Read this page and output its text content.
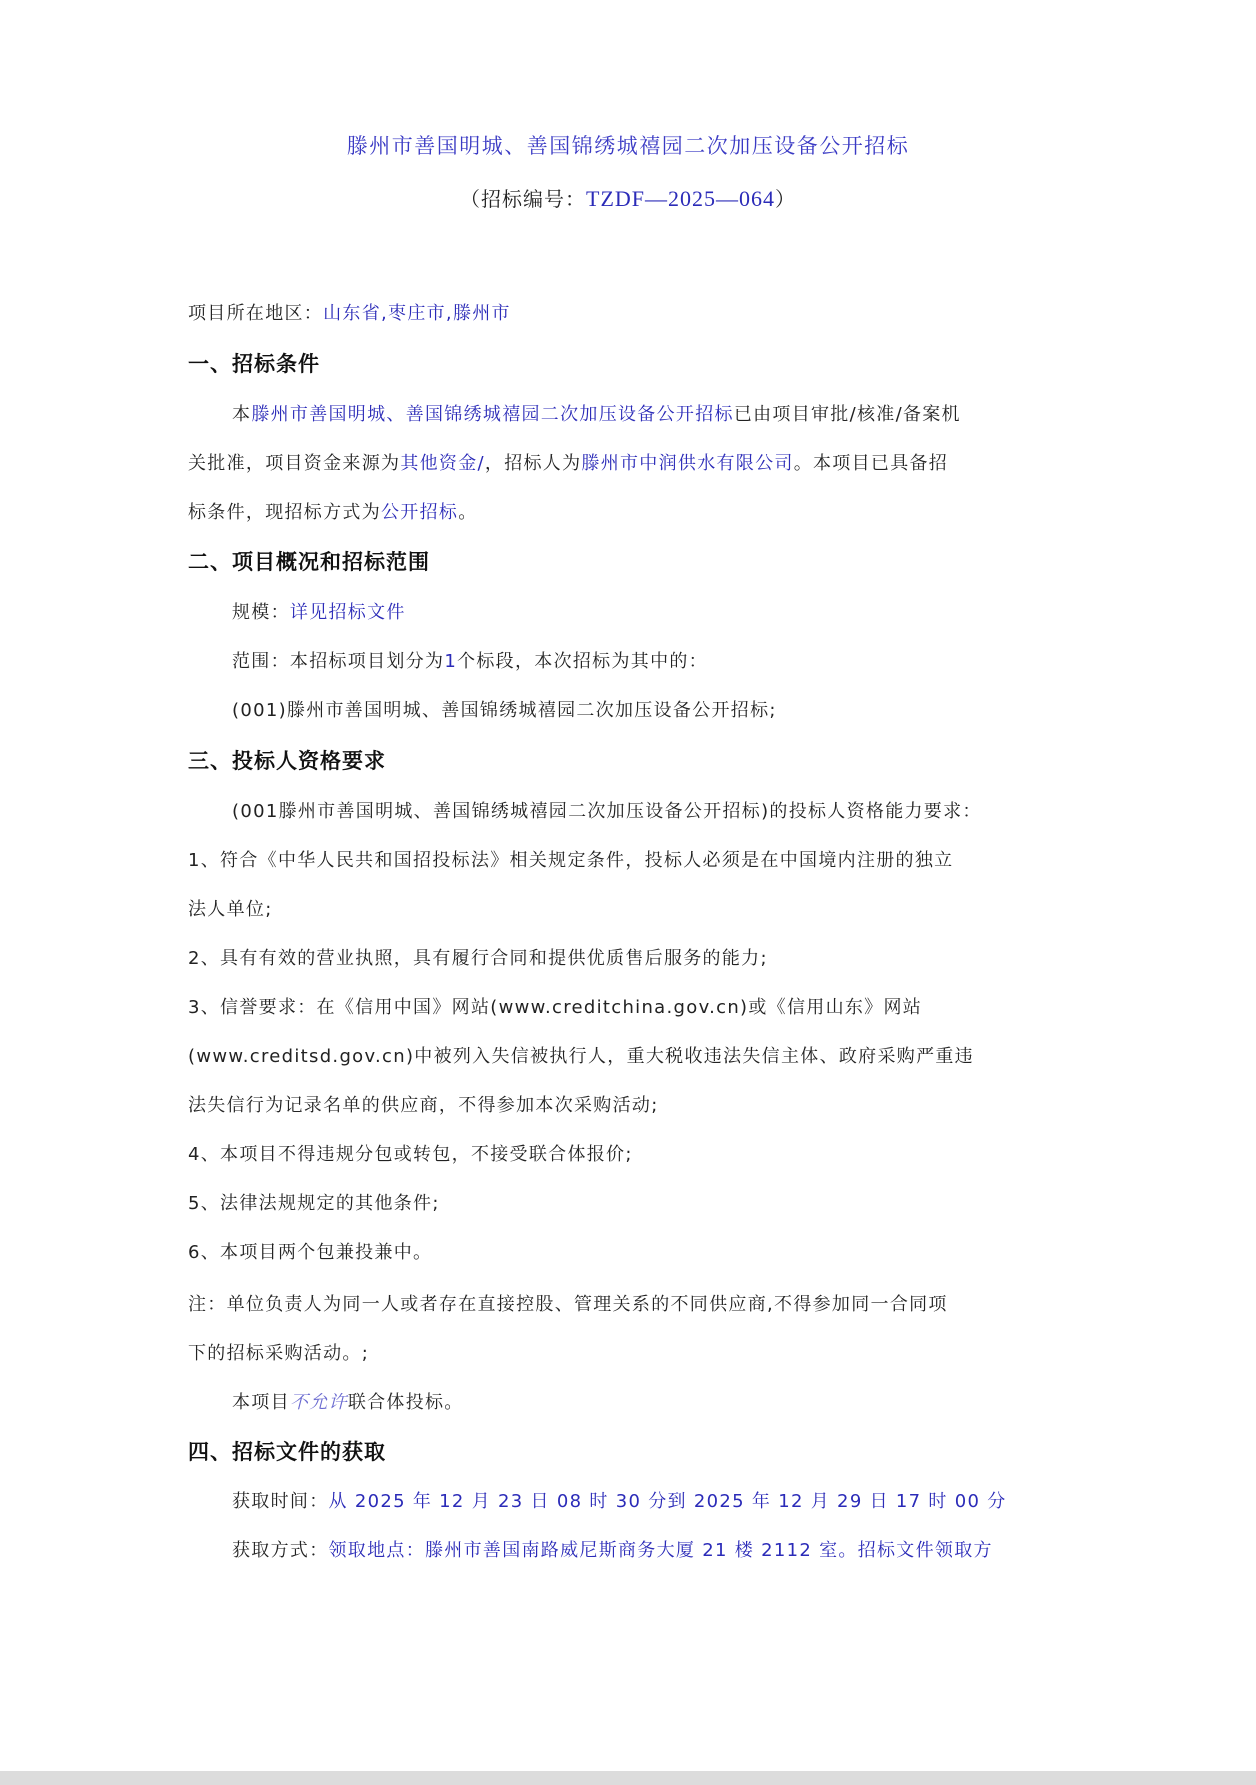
滕州市善国明城、善国锦绣城禧园二次加压设备公开招标
（招标编号：TZDF—2025—064）
项目所在地区：山东省,枣庄市,滕州市
一、招标条件
本滕州市善国明城、善国锦绣城禧园二次加压设备公开招标已由项目审批/核准/备案机
关批准，项目资金来源为其他资金/，招标人为滕州市中润供水有限公司。本项目已具备招
标条件，现招标方式为公开招标。
二、项目概况和招标范围
规模：详见招标文件
范围：本招标项目划分为1个标段，本次招标为其中的：
(001)滕州市善国明城、善国锦绣城禧园二次加压设备公开招标;
三、投标人资格要求
(001滕州市善国明城、善国锦绣城禧园二次加压设备公开招标)的投标人资格能力要求：
1、符合《中华人民共和国招投标法》相关规定条件，投标人必须是在中国境内注册的独立
法人单位;
2、具有有效的营业执照，具有履行合同和提供优质售后服务的能力;
3、信誉要求：在《信用中国》网站(www.creditchina.gov.cn)或《信用山东》网站
(www.creditsd.gov.cn)中被列入失信被执行人，重大税收违法失信主体、政府采购严重违
法失信行为记录名单的供应商，不得参加本次采购活动;
4、本项目不得违规分包或转包，不接受联合体报价;
5、法律法规规定的其他条件;
6、本项目两个包兼投兼中。
注：单位负责人为同一人或者存在直接控股、管理关系的不同供应商,不得参加同一合同项
下的招标采购活动。;
本项目不允许联合体投标。
四、招标文件的获取
获取时间：从 2025 年 12 月 23 日 08 时 30 分到 2025 年 12 月 29 日 17 时 00 分
获取方式：领取地点：滕州市善国南路威尼斯商务大厦 21 楼 2112 室。招标文件领取方
